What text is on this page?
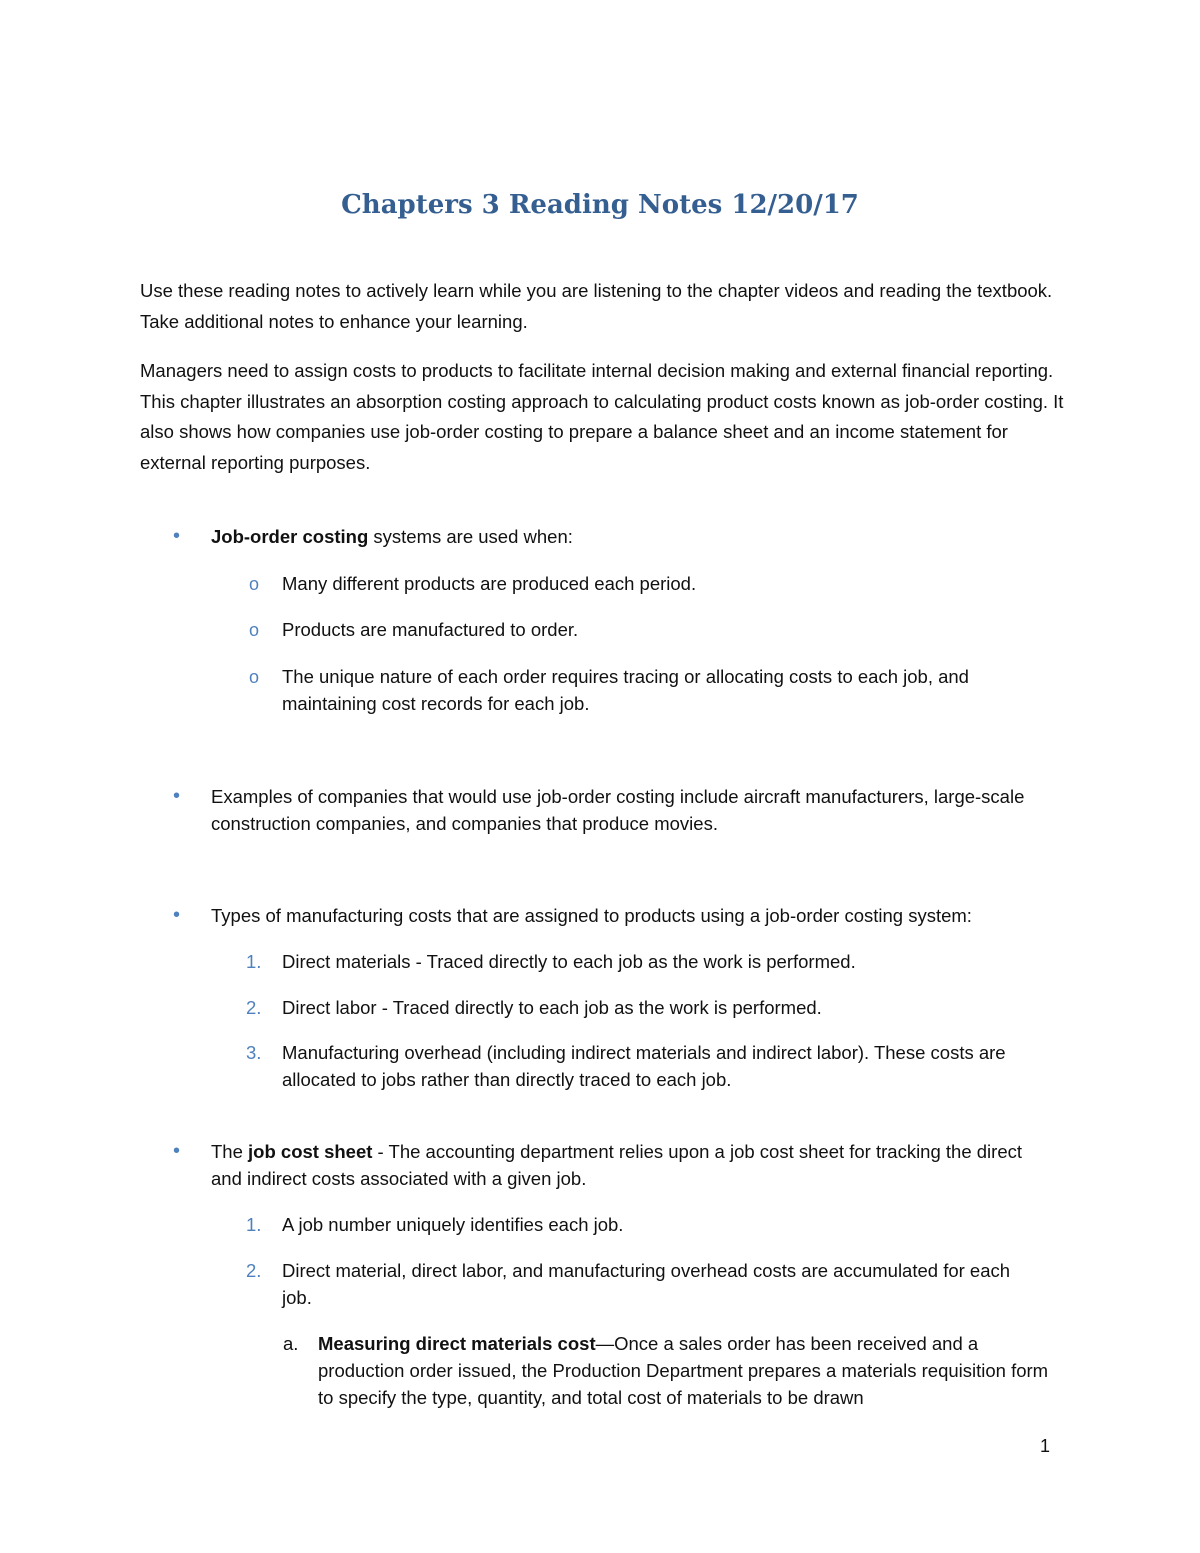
Chapters 3 Reading Notes 12/20/17

Use these reading notes to actively learn while you are listening to the chapter videos and reading the textbook. Take additional notes to enhance your learning.

Managers need to assign costs to products to facilitate internal decision making and external financial reporting. This chapter illustrates an absorption costing approach to calculating product costs known as job-order costing. It also shows how companies use job-order costing to prepare a balance sheet and an income statement for external reporting purposes.

• Job-order costing systems are used when:

o Many different products are produced each period.

o Products are manufactured to order.

o The unique nature of each order requires tracing or allocating costs to each job, and maintaining cost records for each job.

• Examples of companies that would use job-order costing include aircraft manufacturers, large-scale construction companies, and companies that produce movies.

• Types of manufacturing costs that are assigned to products using a job-order costing system:

1. Direct materials - Traced directly to each job as the work is performed.

2. Direct labor - Traced directly to each job as the work is performed.

3. Manufacturing overhead (including indirect materials and indirect labor). These costs are allocated to jobs rather than directly traced to each job.

• The job cost sheet - The accounting department relies upon a job cost sheet for tracking the direct and indirect costs associated with a given job.

1. A job number uniquely identifies each job.

2. Direct material, direct labor, and manufacturing overhead costs are accumulated for each job.

a. Measuring direct materials cost—Once a sales order has been received and a production order issued, the Production Department prepares a materials requisition form to specify the type, quantity, and total cost of materials to be drawn

1
